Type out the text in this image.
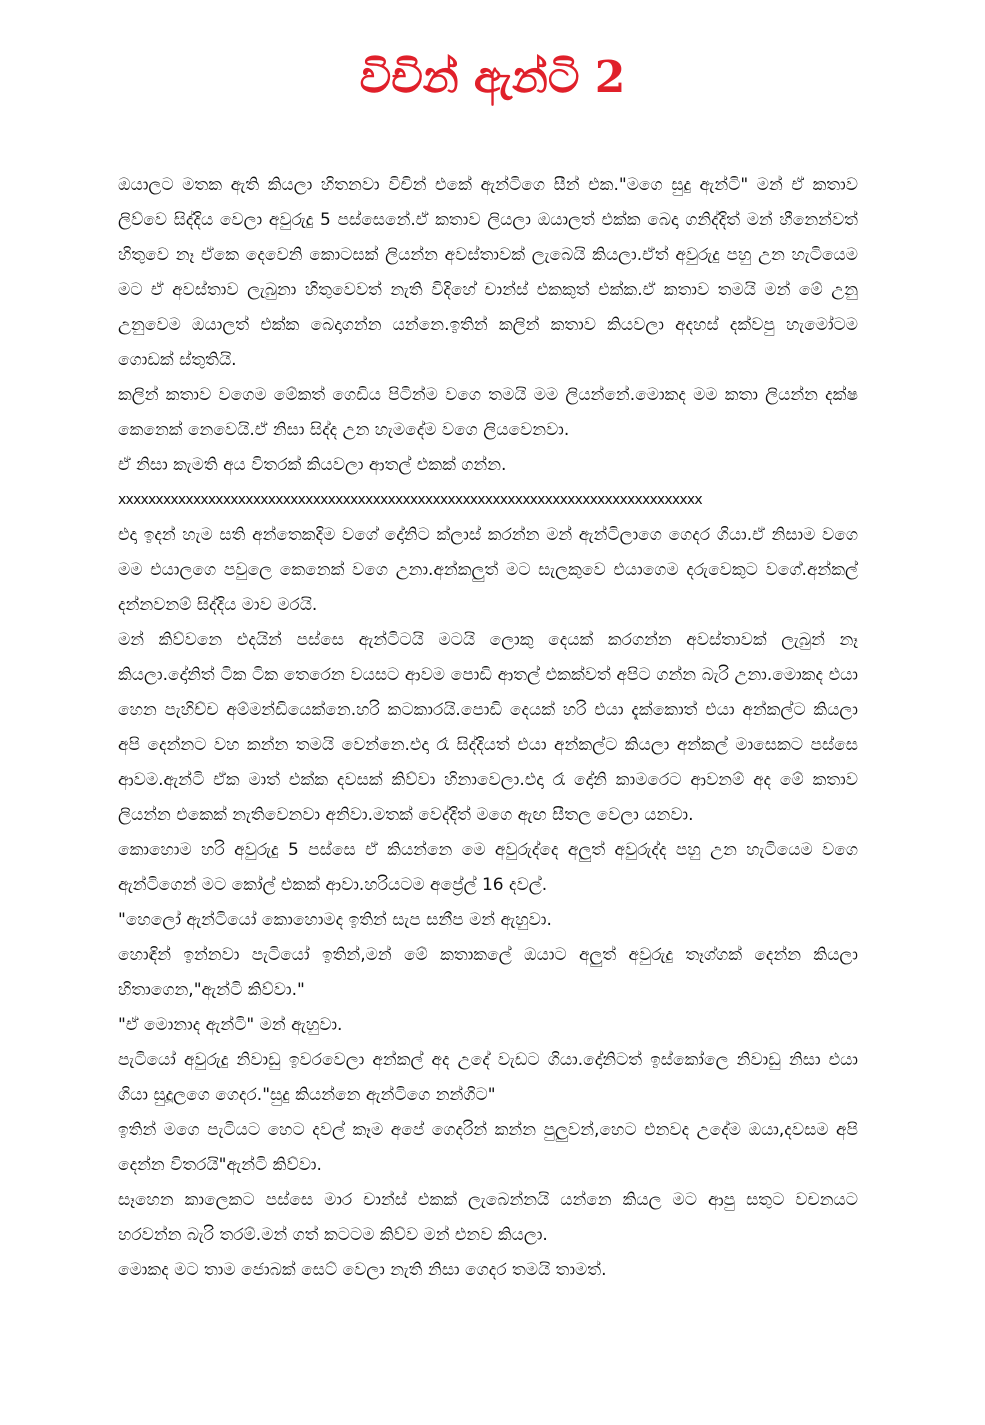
විචින් ඇන්ටි 2

ඔයාලට මතක ඇති කියලා හිතනවා විචින් එකේ ඇන්ටිගෙ සීන් එක."මගෙ සුදු ඇන්ටි" මන් ඒ කතාව ලිව්වෙ සිද්දිය වෙලා අවුරුදු 5 පස්සෙනේ.ඒ කතාව ලියලා ඔයාලත් එක්ක බෙදා ගනිද්දිත් මන් හීනෙන්වත් හිතුවෙ නෑ ඒකෙ දෙවෙනි කොටසක් ලියන්න අවස්තාවක් ලැබෙයි කියලා.ඒත් අවුරුදු පහු උන හැටියෙම මට ඒ අවස්තාව ලැබුනා හිතුවෙවත් නැති විදිහේ චාන්ස් එකකුත් එක්ක.ඒ කතාව තමයි මන් මේ උනු උනුවෙම ඔයාලත් එක්ක බෙදාගන්න යන්නෙ.ඉතින් කලින් කතාව කියවලා අදහස් දක්වපු හැමෝටම ගොඩක් ස්තුතියි.

කලින් කතාව වගෙම මේකත් ගෙඩිය පිටින්ම වගෙ තමයි මම ලියන්නේ.මොකද මම කතා ලියන්න දක්ෂ කෙනෙක් නෙවෙයි.ඒ නිසා සිද්ද උන හැමදේම වගෙ ලියවෙනවා.

ඒ නිසා කැමති අය විතරක් කියවලා ආතල් එකක් ගන්න.

xxxxxxxxxxxxxxxxxxxxxxxxxxxxxxxxxxxxxxxxxxxxxxxxxxxxxxxxxxxxxxxxxxxxxxxxxxxxxx

එදා ඉදන් හැම සති අන්තෙකදිම වගේ දෝනිට ක්ලාස් කරන්න මන් ඇන්ටිලාගෙ ගෙදර ගියා.ඒ නිසාම වගෙ මම එයාලගෙ පවුලෙ කෙනෙක් වගෙ උනා.අන්කලුත් මට සැලකුවෙ එයාගෙම දරුවෙකුට වගේ.අන්කල් දන්නවනම් සිද්දිය මාව මරයි.

මන් කිව්වනෙ එදයින් පස්සෙ ඇන්ටිටයි මටයි ලොකු දෙයක් කරගන්න අවස්තාවක් ලැබුන් නෑ කියලා.දෝනිත් ටික ටික තෙරෙන වයසට ආවම පොඩි ආතල් එකක්වත් අපිට ගන්න බැරි උනා.මොකද එයා හෙන පැහිච්ච අම්මන්ඩියෙක්නෙ.හරි කටකාරයි.පොඩි දෙයක් හරි එයා දැක්කොත් එයා අන්කල්ට කියලා අපි දෙන්නට වහ කන්න තමයි වෙන්නෙ.එදා රෑ සිද්දියත් එයා අන්කල්ට කියලා අන්කල් මාසෙකට පස්සෙ ආවම.ඇන්ටි ඒක මාත් එක්ක දවසක් කිව්වා හිනාවෙලා.එදා රෑ දෝනි කාමරෙට ආවනම් අද මේ කතාව ලියන්න එකෙක් නැතිවෙනවා අනිවා.මතක් වෙද්දිත් මගෙ ඇඟ සීතල වෙලා යනවා.

කොහොම හරි අවුරුදු 5 පස්සෙ ඒ කියන්නෙ මෙ අවුරුද්දෙ අලුත් අවුරුද්ද පහු උන හැටියෙම වගෙ ඇන්ටිගෙන් මට කෝල් එකක් ආවා.හරියටම අප්‍රේල් 16 දවල්.

"හෙලෝ ඇන්ටියෝ කොහොමද ඉතින් සැප සනීප මන් ඇහුවා.

හොඳින් ඉන්නවා පැටියෝ ඉතින්,මන් මේ කතාකලේ ඔයාට අලුත් අවුරුදු තෑග්ගක් දෙන්න කියලා හිතාගෙන,"ඇන්ටි කිව්වා."

"ඒ මොනාද ඇන්ටි" මන් ඇහුවා.

පැටියෝ අවුරුදු නිවාඩු ඉවරවෙලා අන්කල් අද උදේ වැඩට ගියා.දෝනිටත් ඉස්කෝලෙ නිවාඩු නිසා එයා ගියා සුදූලගෙ ගෙදර."සුදු කියන්නෙ ඇන්ටිගෙ නන්ගිට"

ඉතින් මගෙ පැටියට හෙට දවල් කෑම අපේ ගෙදරින් කන්න පුලුවන්,හෙට එනවද උදේම ඔයා,දවසම අපි දෙන්න විතරයි"ඇන්ටි කිව්වා.

සෑහෙන කාලෙකට පස්සෙ මාර චාන්ස් එකක් ලැබෙන්නයි යන්නෙ කියල මට ආපු සතුට වචනයට හරවන්න බැරි තරම්.මන් ගත් කටටම කිව්ව මන් එනව කියලා.

මොකද මට තාම ජොබක් සෙට් වෙලා නැති නිසා ගෙදර තමයි තාමත්.
